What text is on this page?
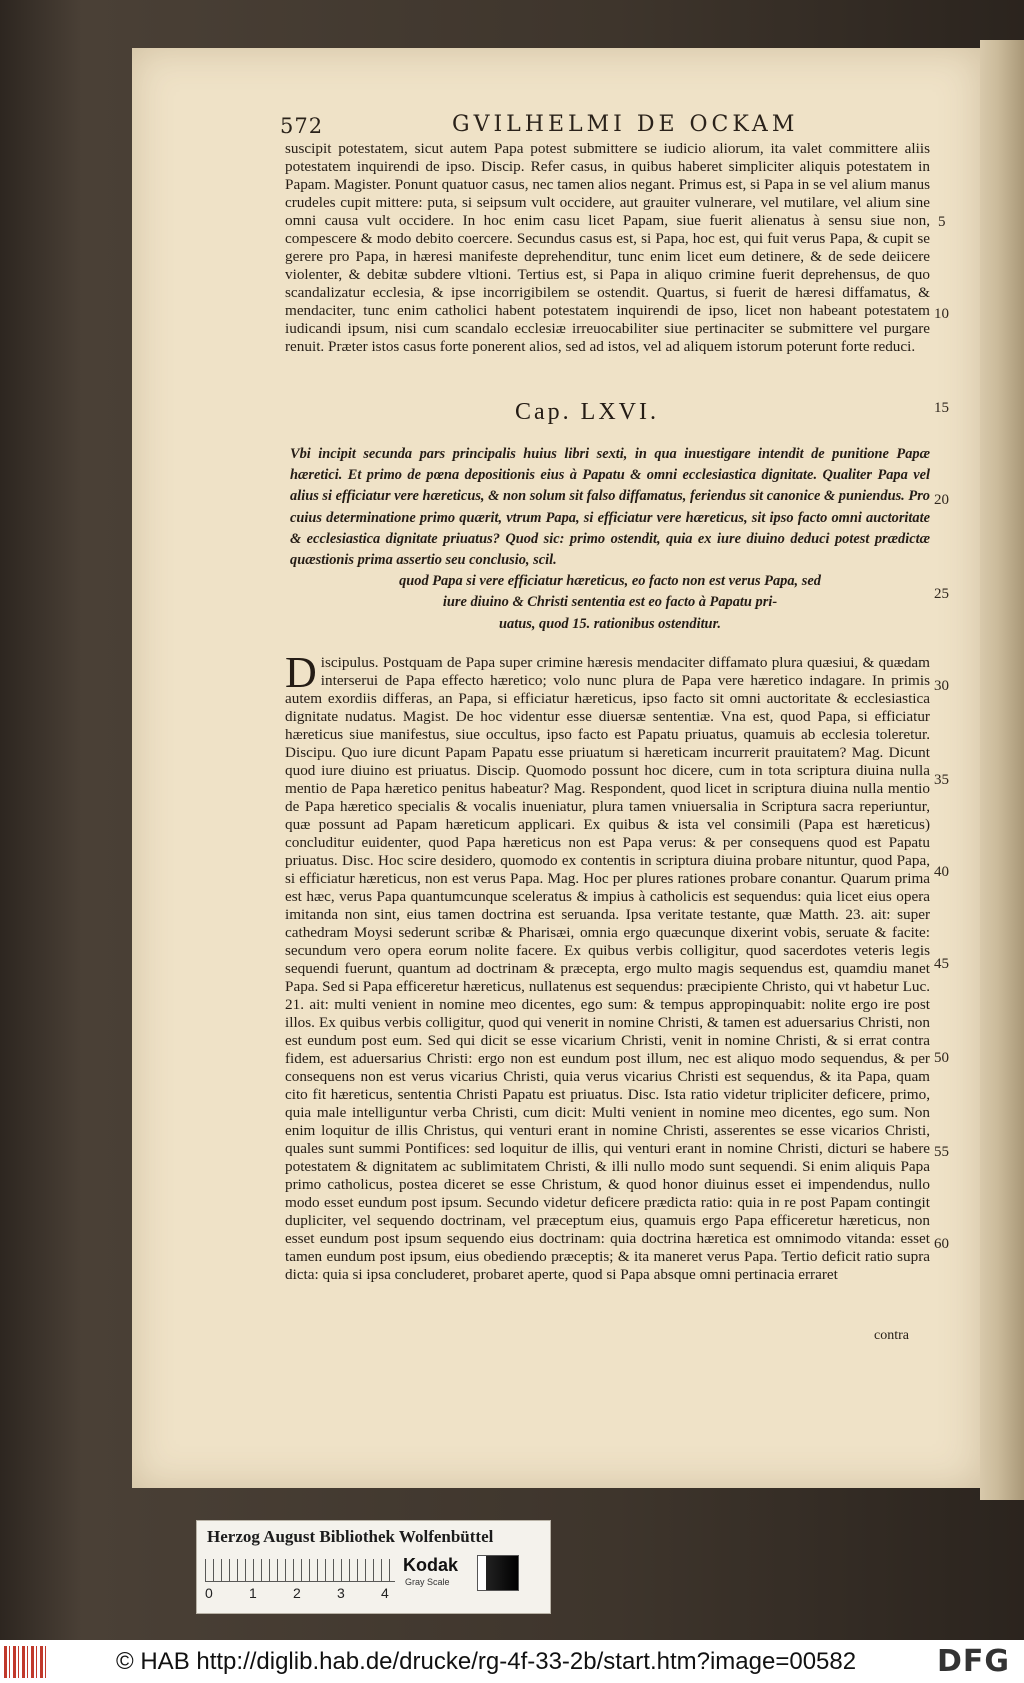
572	GVILHELMI DE OCKAM

suscipit potestatem, sicut autem Papa potest submittere se iudicio aliorum, ita valet committere aliis potestatem inquirendi de ipso. Discip. Refer casus, in quibus haberet simpliciter aliquis potestatem in Papam. Magister. Ponunt quatuor casus, nec tamen alios negant. Primus est, si Papa in se vel alium manus crudeles cupit mittere: puta, si seipsum vult occidere, aut grauiter vulnerare, vel mutilare, vel alium sine omni causa vult occidere. In hoc enim casu licet Papam, siue fuerit alienatus à sensu siue non, compescere & modo debito coercere. Secundus casus est, si Papa, hoc est, qui fuit verus Papa, & cupit se gerere pro Papa, in hæresi manifeste deprehenditur, tunc enim licet eum detinere, & de sede deiicere violenter, & debitæ subdere vltioni. Tertius est, si Papa in aliquo crimine fuerit deprehensus, de quo scandalizatur ecclesia, & ipse incorrigibilem se ostendit. Quartus, si fuerit de hæresi diffamatus, & mendaciter, tunc enim catholici habent potestatem inquirendi de ipso, licet non habeant potestatem iudicandi ipsum, nisi cum scandalo ecclesiæ irreuocabiliter siue pertinaciter se submittere vel purgare renuit. Præter istos casus forte ponerent alios, sed ad istos, vel ad aliquem istorum poterunt forte reduci.

Cap. LXVI.
Vbi incipit secunda pars principalis huius libri sexti, in qua inuestigare intendit de punitione Papæ hæretici. Et primo de pœna depositionis eius à Papatu & omni ecclesiastica dignitate. Qualiter Papa vel alius si efficiatur vere hæreticus, & non solum sit falso diffamatus, feriendus sit canonice & puniendus. Pro cuius determinatione primo quærit, vtrum Papa, si efficiatur vere hæreticus, sit ipso facto omni auctoritate & ecclesiastica dignitate priuatus? Quod sic: primo ostendit, quia ex iure diuino deduci potest prædictæ quæstionis prima assertio seu conclusio, scil.
quod Papa si vere efficiatur hæreticus, eo facto non est verus Papa, sed
iure diuino & Christi sententia est eo facto à Papatu pri-
uatus, quod 15. rationibus ostenditur.

Discipulus. Postquam de Papa super crimine hæresis mendaciter diffamato plura quæsiui, & quædam interserui de Papa effecto hæretico; volo nunc plura de Papa vere hæretico indagare. In primis autem exordiis differas, an Papa, si efficiatur hæreticus, ipso facto sit omni auctoritate & ecclesiastica dignitate nudatus. Magist. De hoc videntur esse diuersæ sententiæ. Vna est, quod Papa, si efficiatur hæreticus siue manifestus, siue occultus, ipso facto est Papatu priuatus, quamuis ab ecclesia toleretur. Discipu. Quo iure dicunt Papam Papatu esse priuatum si hæreticam incurrerit prauitatem? Mag. Dicunt quod iure diuino est priuatus. Discip. Quomodo possunt hoc dicere, cum in tota scriptura diuina nulla mentio de Papa hæretico penitus habeatur? Mag. Respondent, quod licet in scriptura diuina nulla mentio de Papa hæretico specialis & vocalis inueniatur, plura tamen vniuersalia in Scriptura sacra reperiuntur, quæ possunt ad Papam hæreticum applicari. Ex quibus & ista vel consimili (Papa est hæreticus) concluditur euidenter, quod Papa hæreticus non est Papa verus: & per consequens quod est Papatu priuatus. Disc. Hoc scire desidero, quomodo ex contentis in scriptura diuina probare nituntur, quod Papa, si efficiatur hæreticus, non est verus Papa. Mag. Hoc per plures rationes probare conantur. Quarum prima est hæc, verus Papa quantumcunque sceleratus & impius à catholicis est sequendus: quia licet eius opera imitanda non sint, eius tamen doctrina est seruanda. Ipsa veritate testante, quæ Matth. 23. ait: super cathedram Moysi sederunt scribæ & Pharisæi, omnia ergo quæcunque dixerint vobis, seruate & facite: secundum vero opera eorum nolite facere. Ex quibus verbis colligitur, quod sacerdotes veteris legis sequendi fuerunt, quantum ad doctrinam & præcepta, ergo multo magis sequendus est, quamdiu manet Papa. Sed si Papa efficeretur hæreticus, nullatenus est sequendus: præcipiente Christo, qui vt habetur Luc. 21. ait: multi venient in nomine meo dicentes, ego sum: & tempus appropinquabit: nolite ergo ire post illos. Ex quibus verbis colligitur, quod qui venerit in nomine Christi, & tamen est aduersarius Christi, non est eundum post eum. Sed qui dicit se esse vicarium Christi, venit in nomine Christi, & si errat contra fidem, est aduersarius Christi: ergo non est eundum post illum, nec est aliquo modo sequendus, & per consequens non est verus vicarius Christi, quia verus vicarius Christi est sequendus, & ita Papa, quam cito fit hæreticus, sententia Christi Papatu est priuatus. Disc. Ista ratio videtur tripliciter deficere, primo, quia male intelliguntur verba Christi, cum dicit: Multi venient in nomine meo dicentes, ego sum. Non enim loquitur de illis Christus, qui venturi erant in nomine Christi, asserentes se esse vicarios Christi, quales sunt summi Pontifices: sed loquitur de illis, qui venturi erant in nomine Christi, dicturi se habere potestatem & dignitatem ac sublimitatem Christi, & illi nullo modo sunt sequendi. Si enim aliquis Papa primo catholicus, postea diceret se esse Christum, & quod honor diuinus esset ei impendendus, nullo modo esset eundum post ipsum. Secundo videtur deficere prædicta ratio: quia in re post Papam contingit dupliciter, vel sequendo doctrinam, vel præceptum eius, quamuis ergo Papa efficeretur hæreticus, non esset eundum post ipsum sequendo eius doctrinam: quia doctrina hæretica est omnimodo vitanda: esset tamen eundum post ipsum, eius obediendo præceptis; & ita maneret verus Papa. Tertio deficit ratio supra dicta: quia si ipsa concluderet, probaret aperte, quod si Papa absque omni pertinacia erraret

contra
5
10
15
20
25
30
35
40
45
50
55
60
Herzog August Bibliothek Wolfenbüttel
0	1	2	3	4
Kodak
Gray Scale
© HAB http://diglib.hab.de/drucke/rg-4f-33-2b/start.htm?image=00582	DFG
